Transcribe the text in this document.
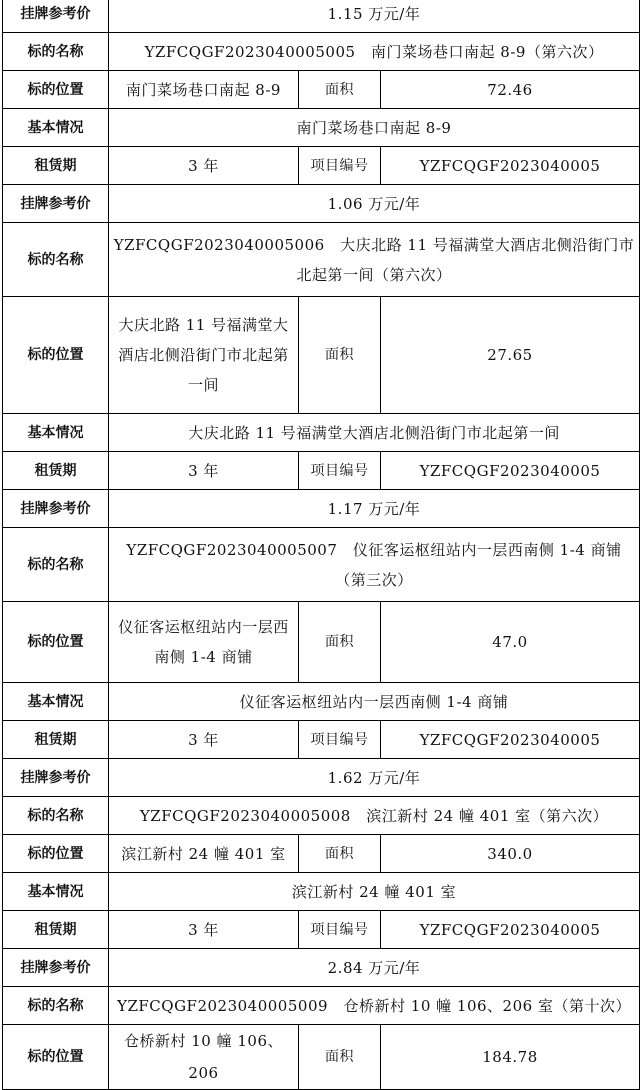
挂牌参考价	1.15 万元/年		
标的名称	YZFCQGF2023040005005　南门菜场巷口南起 8-9（第六次）		
标的位置	南门菜场巷口南起 8-9	面积	72.46
基本情况	南门菜场巷口南起 8-9		
租赁期	3 年	项目编号	YZFCQGF2023040005
挂牌参考价	1.06 万元/年		
标的名称	YZFCQGF2023040005006　大庆北路 11 号福满堂大酒店北侧沿街门市北起第一间（第六次）		
标的位置	大庆北路 11 号福满堂大酒店北侧沿街门市北起第一间	面积	27.65
基本情况	大庆北路 11 号福满堂大酒店北侧沿街门市北起第一间		
租赁期	3 年	项目编号	YZFCQGF2023040005
挂牌参考价	1.17 万元/年		
标的名称	YZFCQGF2023040005007　仪征客运枢纽站内一层西南侧 1-4 商铺（第三次）		
标的位置	仪征客运枢纽站内一层西南侧 1-4 商铺	面积	47.0
基本情况	仪征客运枢纽站内一层西南侧 1-4 商铺		
租赁期	3 年	项目编号	YZFCQGF2023040005
挂牌参考价	1.62 万元/年		
标的名称	YZFCQGF2023040005008　滨江新村 24 幢 401 室（第六次）		
标的位置	滨江新村 24 幢 401 室	面积	340.0
基本情况	滨江新村 24 幢 401 室		
租赁期	3 年	项目编号	YZFCQGF2023040005
挂牌参考价	2.84 万元/年		
标的名称	YZFCQGF2023040005009　仓桥新村 10 幢 106、206 室（第十次）		
标的位置	仓桥新村 10 幢 106、206	面积	184.78
